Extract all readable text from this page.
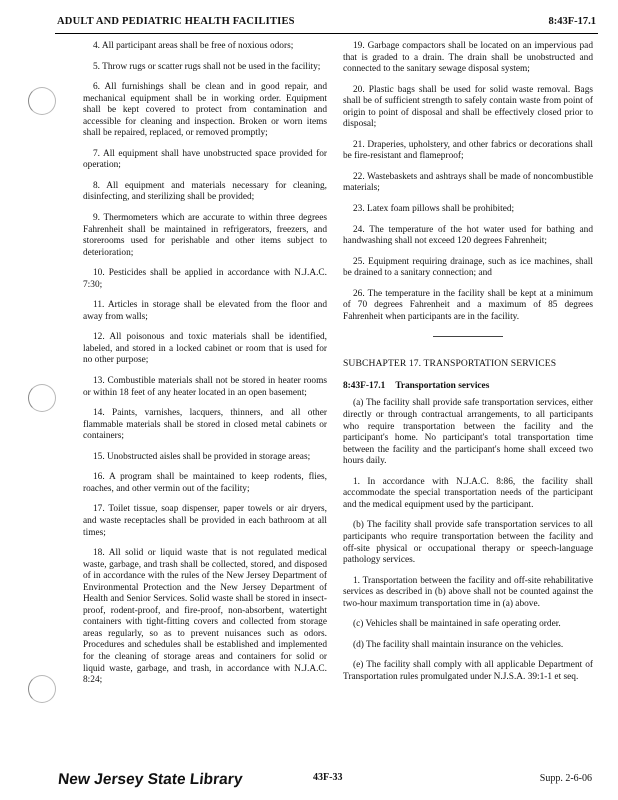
ADULT AND PEDIATRIC HEALTH FACILITIES	8:43F-17.1

4. All participant areas shall be free of noxious odors;

5. Throw rugs or scatter rugs shall not be used in the facility;

6. All furnishings shall be clean and in good repair, and mechanical equipment shall be in working order. Equipment shall be kept covered to protect from contamination and accessible for cleaning and inspection. Broken or worn items shall be repaired, replaced, or removed promptly;

7. All equipment shall have unobstructed space provided for operation;

8. All equipment and materials necessary for cleaning, disinfecting, and sterilizing shall be provided;

9. Thermometers which are accurate to within three degrees Fahrenheit shall be maintained in refrigerators, freezers, and storerooms used for perishable and other items subject to deterioration;

10. Pesticides shall be applied in accordance with N.J.A.C. 7:30;

11. Articles in storage shall be elevated from the floor and away from walls;

12. All poisonous and toxic materials shall be identified, labeled, and stored in a locked cabinet or room that is used for no other purpose;

13. Combustible materials shall not be stored in heater rooms or within 18 feet of any heater located in an open basement;

14. Paints, varnishes, lacquers, thinners, and all other flammable materials shall be stored in closed metal cabinets or containers;

15. Unobstructed aisles shall be provided in storage areas;

16. A program shall be maintained to keep rodents, flies, roaches, and other vermin out of the facility;

17. Toilet tissue, soap dispenser, paper towels or air dryers, and waste receptacles shall be provided in each bathroom at all times;

18. All solid or liquid waste that is not regulated medical waste, garbage, and trash shall be collected, stored, and disposed of in accordance with the rules of the New Jersey Department of Environmental Protection and the New Jersey Department of Health and Senior Services. Solid waste shall be stored in insect-proof, rodent-proof, and fire-proof, non-absorbent, watertight containers with tight-fitting covers and collected from storage areas regularly, so as to prevent nuisances such as odors. Procedures and schedules shall be established and implemented for the cleaning of storage areas and containers for solid or liquid waste, garbage, and trash, in accordance with N.J.A.C. 8:24;

19. Garbage compactors shall be located on an impervious pad that is graded to a drain. The drain shall be unobstructed and connected to the sanitary sewage disposal system;

20. Plastic bags shall be used for solid waste removal. Bags shall be of sufficient strength to safely contain waste from point of origin to point of disposal and shall be effectively closed prior to disposal;

21. Draperies, upholstery, and other fabrics or decorations shall be fire-resistant and flameproof;

22. Wastebaskets and ashtrays shall be made of noncombustible materials;

23. Latex foam pillows shall be prohibited;

24. The temperature of the hot water used for bathing and handwashing shall not exceed 120 degrees Fahrenheit;

25. Equipment requiring drainage, such as ice machines, shall be drained to a sanitary connection; and

26. The temperature in the facility shall be kept at a minimum of 70 degrees Fahrenheit and a maximum of 85 degrees Fahrenheit when participants are in the facility.

SUBCHAPTER 17. TRANSPORTATION SERVICES
8:43F-17.1 Transportation services

(a) The facility shall provide safe transportation services, either directly or through contractual arrangements, to all participants who require transportation between the facility and the participant's home. No participant's total transportation time between the facility and the participant's home shall exceed two hours daily.

1. In accordance with N.J.A.C. 8:86, the facility shall accommodate the special transportation needs of the participant and the medical equipment used by the participant.

(b) The facility shall provide safe transportation services to all participants who require transportation between the facility and off-site physical or occupational therapy or speech-language pathology services.

1. Transportation between the facility and off-site rehabilitative services as described in (b) above shall not be counted against the two-hour maximum transportation time in (a) above.

(c) Vehicles shall be maintained in safe operating order.

(d) The facility shall maintain insurance on the vehicles.

(e) The facility shall comply with all applicable Department of Transportation rules promulgated under N.J.S.A. 39:1-1 et seq.

New Jersey State Library	43F-33	Supp. 2-6-06
